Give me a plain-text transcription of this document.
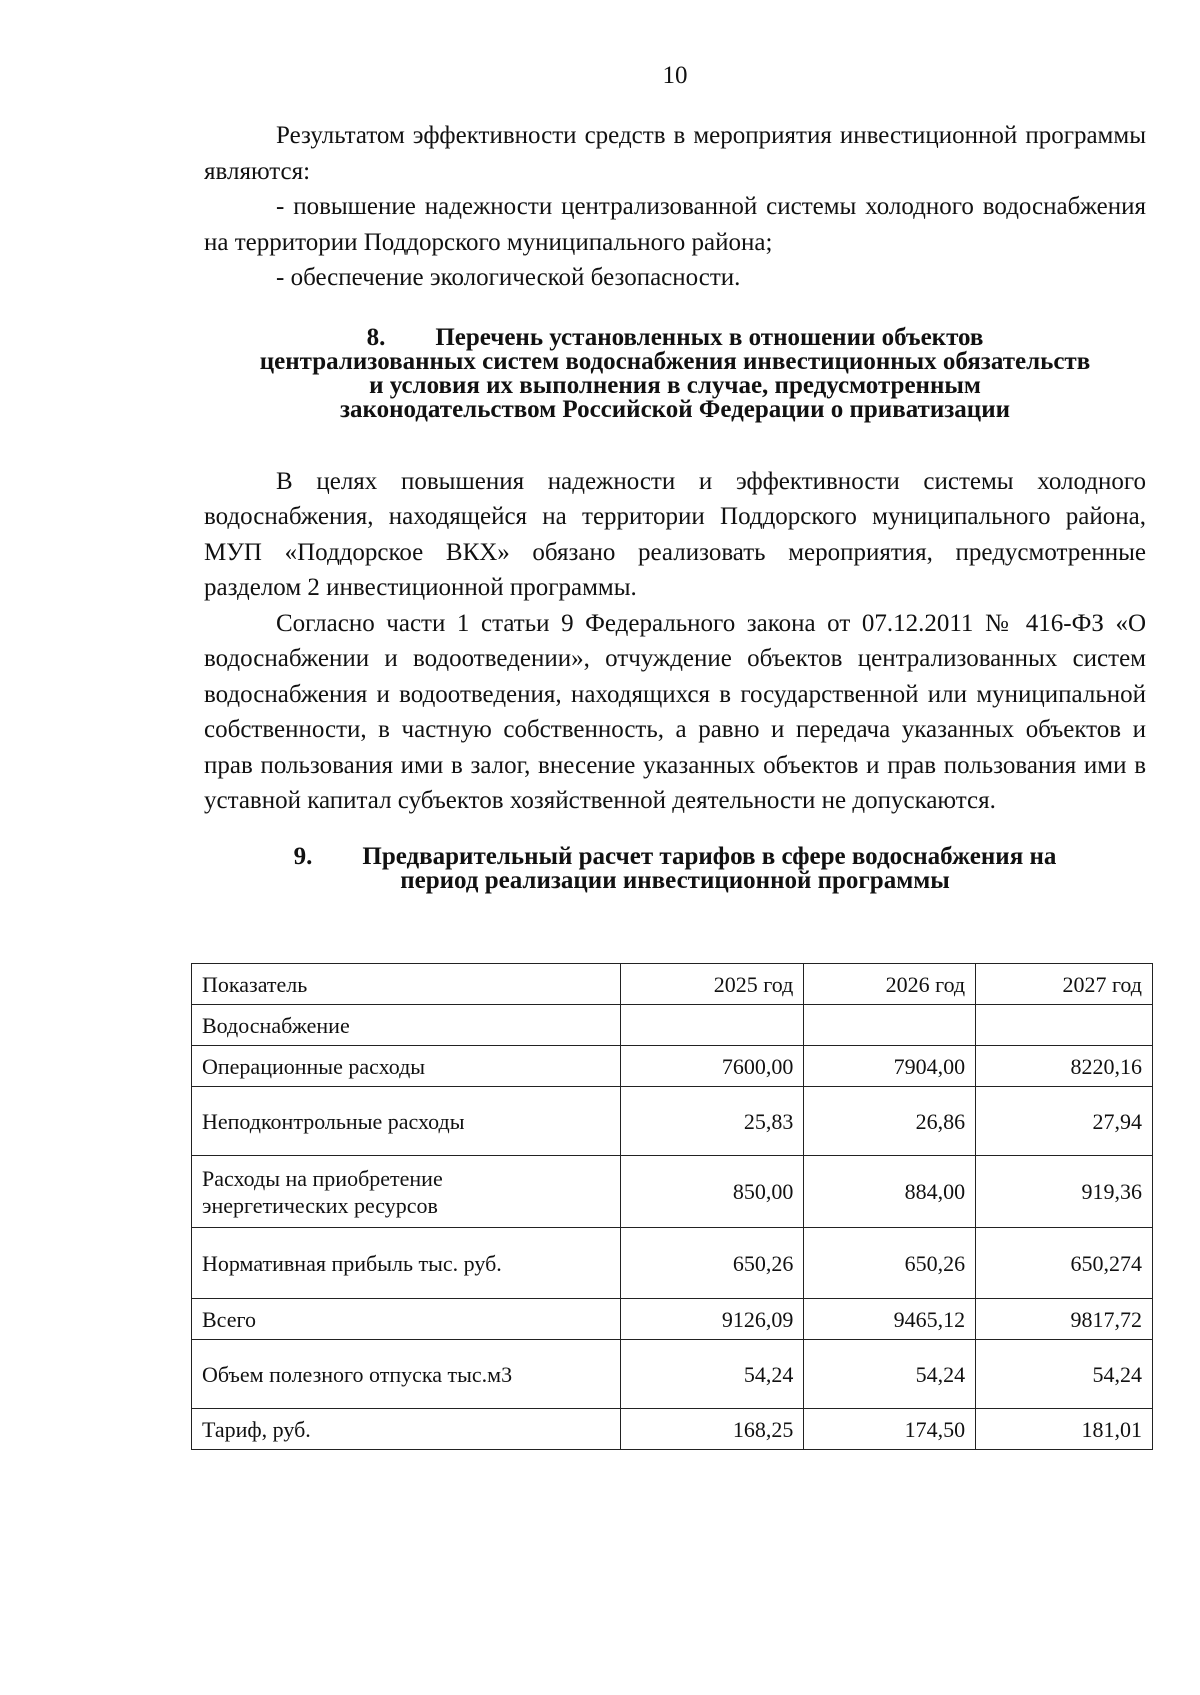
10

Результатом эффективности средств в мероприятия инвестиционной программы являются:

- повышение надежности централизованной системы холодного водоснабжения на территории Поддорского муниципального района;

- обеспечение экологической безопасности.

8. Перечень установленных в отношении объектов

централизованных систем водоснабжения инвестиционных обязательств

и условия их выполнения в случае, предусмотренным

законодательством Российской Федерации о приватизации

В целях повышения надежности и эффективности системы холодного водоснабжения, находящейся на территории Поддорского муниципального района, МУП «Поддорское ВКХ» обязано реализовать мероприятия, предусмотренные разделом 2 инвестиционной программы.

Согласно части 1 статьи 9 Федерального закона от 07.12.2011 № 416-ФЗ «О водоснабжении и водоотведении», отчуждение объектов централизованных систем водоснабжения и водоотведения, находящихся в государственной или муниципальной собственности, в частную собственность, а равно и передача указанных объектов и прав пользования ими в залог, внесение указанных объектов и прав пользования ими в уставной капитал субъектов хозяйственной деятельности не допускаются.

9. Предварительный расчет тарифов в сфере водоснабжения на

период реализации инвестиционной программы

Показатель	2025 год	2026 год	2027 год
Водоснабжение			
Операционные расходы	7600,00	7904,00	8220,16
Неподконтрольные расходы	25,83	26,86	27,94
Расходы на приобретение
энергетических ресурсов	850,00	884,00	919,36
Нормативная прибыль тыс. руб.	650,26	650,26	650,274
Всего	9126,09	9465,12	9817,72
Объем полезного отпуска тыс.м3	54,24	54,24	54,24
Тариф, руб.	168,25	174,50	181,01
